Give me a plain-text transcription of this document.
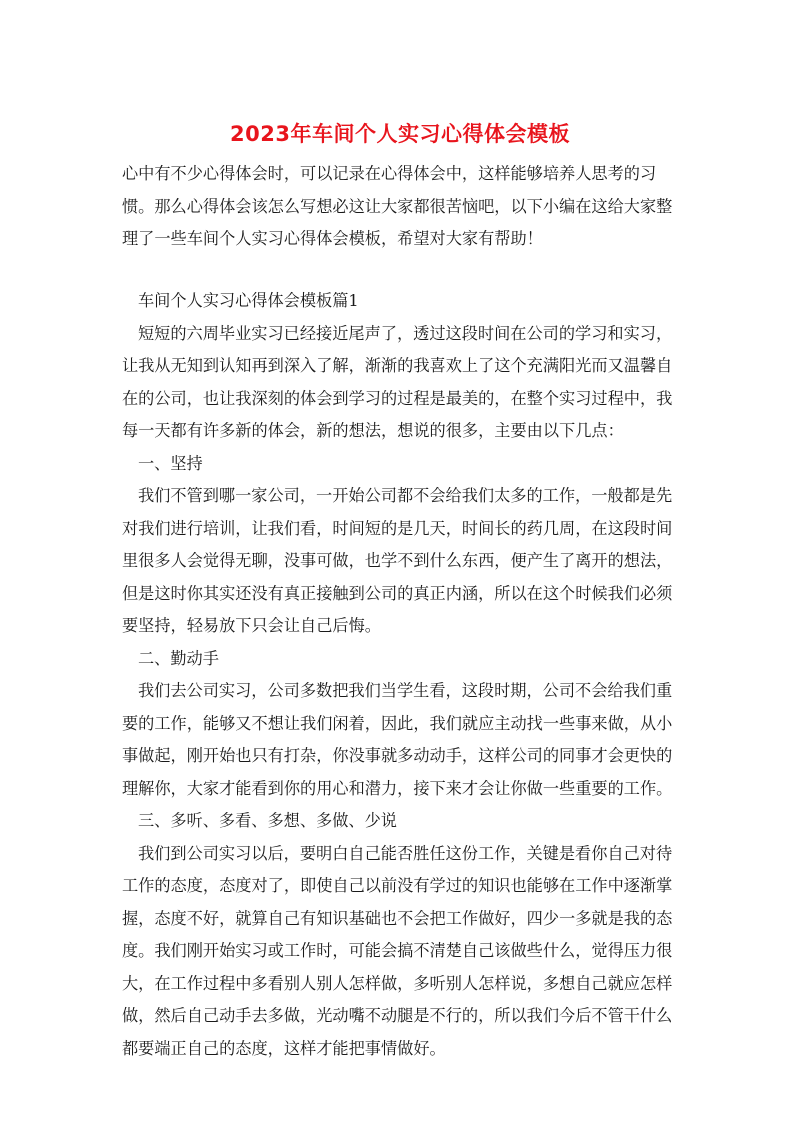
2023年车间个人实习心得体会模板
心中有不少心得体会时，可以记录在心得体会中，这样能够培养人思考的习
惯。那么心得体会该怎么写想必这让大家都很苦恼吧，以下小编在这给大家整
理了一些车间个人实习心得体会模板，希望对大家有帮助！
车间个人实习心得体会模板篇1
短短的六周毕业实习已经接近尾声了，透过这段时间在公司的学习和实习，
让我从无知到认知再到深入了解，渐渐的我喜欢上了这个充满阳光而又温馨自
在的公司，也让我深刻的体会到学习的过程是最美的，在整个实习过程中，我
每一天都有许多新的体会，新的想法，想说的很多，主要由以下几点：
一、坚持
我们不管到哪一家公司，一开始公司都不会给我们太多的工作，一般都是先
对我们进行培训，让我们看，时间短的是几天，时间长的药几周，在这段时间
里很多人会觉得无聊，没事可做，也学不到什么东西，便产生了离开的想法，
但是这时你其实还没有真正接触到公司的真正内涵，所以在这个时候我们必须
要坚持，轻易放下只会让自己后悔。
二、勤动手
我们去公司实习，公司多数把我们当学生看，这段时期，公司不会给我们重
要的工作，能够又不想让我们闲着，因此，我们就应主动找一些事来做，从小
事做起，刚开始也只有打杂，你没事就多动动手，这样公司的同事才会更快的
理解你，大家才能看到你的用心和潜力，接下来才会让你做一些重要的工作。
三、多听、多看、多想、多做、少说
我们到公司实习以后，要明白自己能否胜任这份工作，关键是看你自己对待
工作的态度，态度对了，即使自己以前没有学过的知识也能够在工作中逐渐掌
握，态度不好，就算自己有知识基础也不会把工作做好，四少一多就是我的态
度。我们刚开始实习或工作时，可能会搞不清楚自己该做些什么，觉得压力很
大，在工作过程中多看别人别人怎样做，多听别人怎样说，多想自己就应怎样
做，然后自己动手去多做，光动嘴不动腿是不行的，所以我们今后不管干什么
都要端正自己的态度，这样才能把事情做好。
